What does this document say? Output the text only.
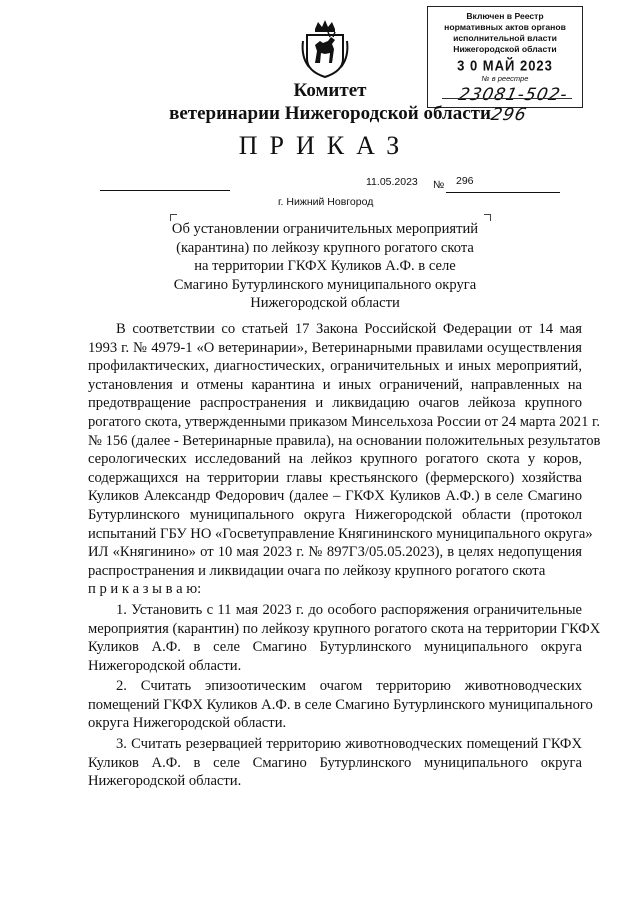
Включен в Реестр
нормативных актов органов
исполнительной власти
Нижегородской области
3 0 МАЙ 2023
№ в реестре
23081-502-296
Комитет
ветеринарии Нижегородской области
ПРИКАЗ
11.05.2023 № 296
г. Нижний Новгород
Об установлении ограничительных мероприятий
(карантина) по лейкозу крупного рогатого скота
на территории ГКФХ Куликов А.Ф. в селе
Смагино Бутурлинского муниципального округа
Нижегородской области

В соответствии со статьей 17 Закона Российской Федерации от 14 мая

1993 г. № 4979-1 «О ветеринарии», Ветеринарными правилами осуществления

профилактических, диагностических, ограничительных и иных мероприятий,

установления и отмены карантина и иных ограничений, направленных на

предотвращение распространения и ликвидацию очагов лейкоза крупного

рогатого скота, утвержденными приказом Минсельхоза России от 24 марта 2021 г.

№ 156 (далее - Ветеринарные правила), на основании положительных результатов

серологических исследований на лейкоз крупного рогатого скота у коров,

содержащихся на территории главы крестьянского (фермерского) хозяйства

Куликов Александр Федорович (далее – ГКФХ Куликов А.Ф.) в селе Смагино

Бутурлинского муниципального округа Нижегородской области (протокол

испытаний ГБУ НО «Госветуправление Княгининского муниципального округа»

ИЛ «Княгинино» от 10 мая 2023 г. № 897ГЗ/05.05.2023), в целях недопущения

распространения и ликвидации очага по лейкозу крупного рогатого скота

п р и к а з ы в а ю:

1. Установить с 11 мая 2023 г. до особого распоряжения ограничительные

мероприятия (карантин) по лейкозу крупного рогатого скота на территории ГКФХ

Куликов А.Ф. в селе Смагино Бутурлинского муниципального округа

Нижегородской области.

2. Считать эпизоотическим очагом территорию животноводческих

помещений ГКФХ Куликов А.Ф. в селе Смагино Бутурлинского муниципального

округа Нижегородской области.

3. Считать резервацией территорию животноводческих помещений ГКФХ

Куликов А.Ф. в селе Смагино Бутурлинского муниципального округа

Нижегородской области.
